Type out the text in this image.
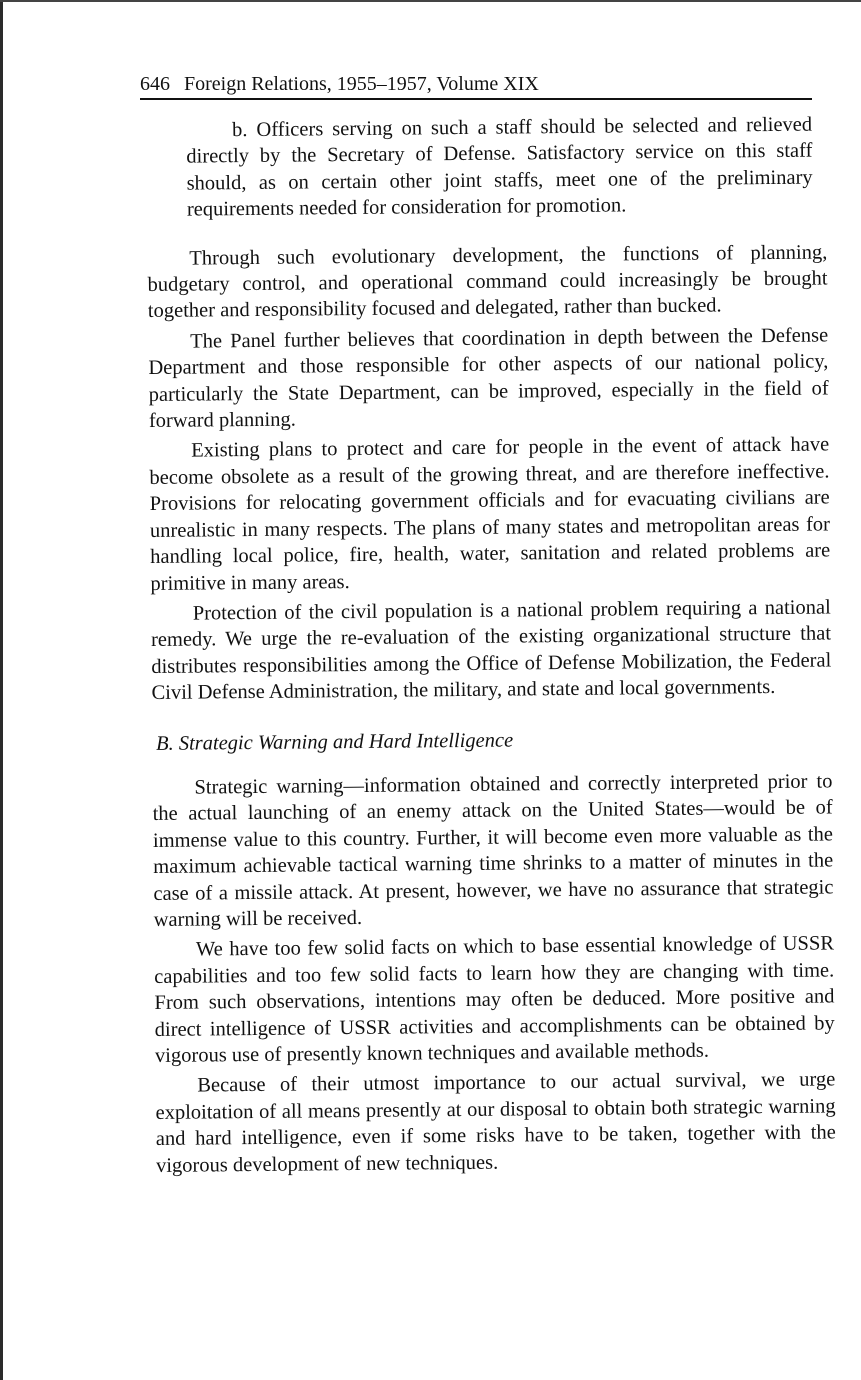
646 Foreign Relations, 1955–1957, Volume XIX

b. Officers serving on such a staff should be selected and relieved directly by the Secretary of Defense. Satisfactory service on this staff should, as on certain other joint staffs, meet one of the preliminary requirements needed for consideration for promotion.

Through such evolutionary development, the functions of planning, budgetary control, and operational command could increasingly be brought together and responsibility focused and delegated, rather than bucked.

The Panel further believes that coordination in depth between the Defense Department and those responsible for other aspects of our national policy, particularly the State Department, can be improved, especially in the field of forward planning.

Existing plans to protect and care for people in the event of attack have become obsolete as a result of the growing threat, and are therefore ineffective. Provisions for relocating government officials and for evacuating civilians are unrealistic in many respects. The plans of many states and metropolitan areas for handling local police, fire, health, water, sanitation and related problems are primitive in many areas.

Protection of the civil population is a national problem requiring a national remedy. We urge the re-evaluation of the existing organizational structure that distributes responsibilities among the Office of Defense Mobilization, the Federal Civil Defense Administration, the military, and state and local governments.

B. Strategic Warning and Hard Intelligence

Strategic warning—information obtained and correctly interpreted prior to the actual launching of an enemy attack on the United States—would be of immense value to this country. Further, it will become even more valuable as the maximum achievable tactical warning time shrinks to a matter of minutes in the case of a missile attack. At present, however, we have no assurance that strategic warning will be received.

We have too few solid facts on which to base essential knowledge of USSR capabilities and too few solid facts to learn how they are changing with time. From such observations, intentions may often be deduced. More positive and direct intelligence of USSR activities and accomplishments can be obtained by vigorous use of presently known techniques and available methods.

Because of their utmost importance to our actual survival, we urge exploitation of all means presently at our disposal to obtain both strategic warning and hard intelligence, even if some risks have to be taken, together with the vigorous development of new techniques.
